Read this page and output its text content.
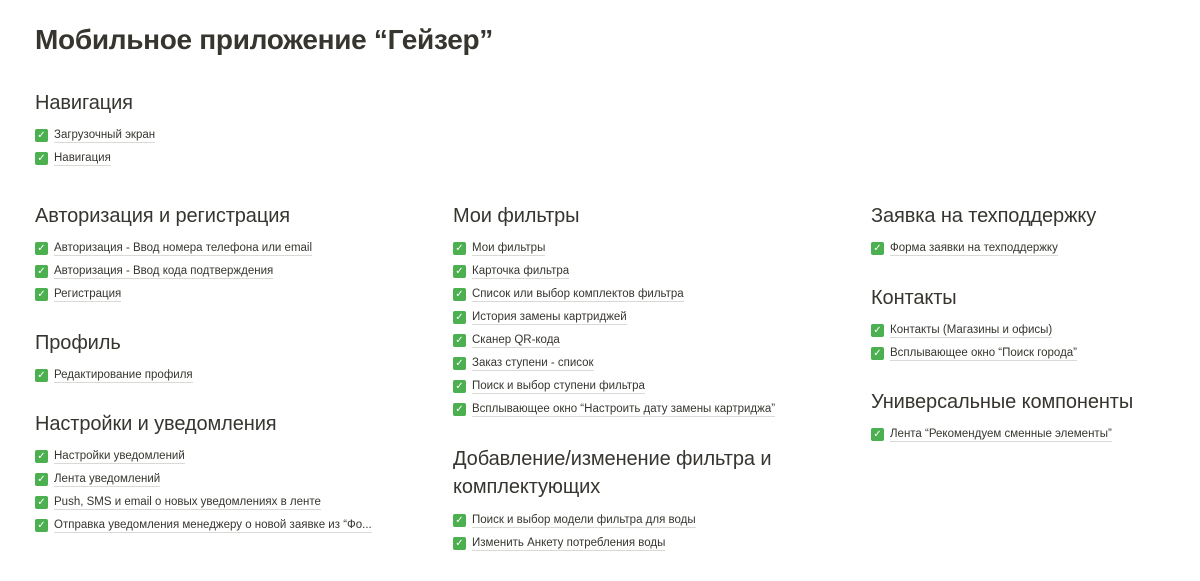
Мобильное приложение “Гейзер”
Навигация
✓ Загрузочный экран
✓ Навигация
Авторизация и регистрация
✓ Авторизация - Ввод номера телефона или email
✓ Авторизация - Ввод кода подтверждения
✓ Регистрация
Профиль
✓ Редактирование профиля
Настройки и уведомления
✓ Настройки уведомлений
✓ Лента уведомлений
✓ Push, SMS и email о новых уведомлениях в ленте
✓ Отправка уведомления менеджеру о новой заявке из “Фо...
Мои фильтры
✓ Мои фильтры
✓ Карточка фильтра
✓ Список или выбор комплектов фильтра
✓ История замены картриджей
✓ Сканер QR-кода
✓ Заказ ступени - список
✓ Поиск и выбор ступени фильтра
✓ Всплывающее окно “Настроить дату замены картриджа”
Добавление/изменение фильтра и комплектующих
✓ Поиск и выбор модели фильтра для воды
✓ Изменить Анкету потребления воды
Заявка на техподдержку
✓ Форма заявки на техподдержку
Контакты
✓ Контакты (Магазины и офисы)
✓ Всплывающее окно “Поиск города”
Универсальные компоненты
✓ Лента “Рекомендуем сменные элементы”
